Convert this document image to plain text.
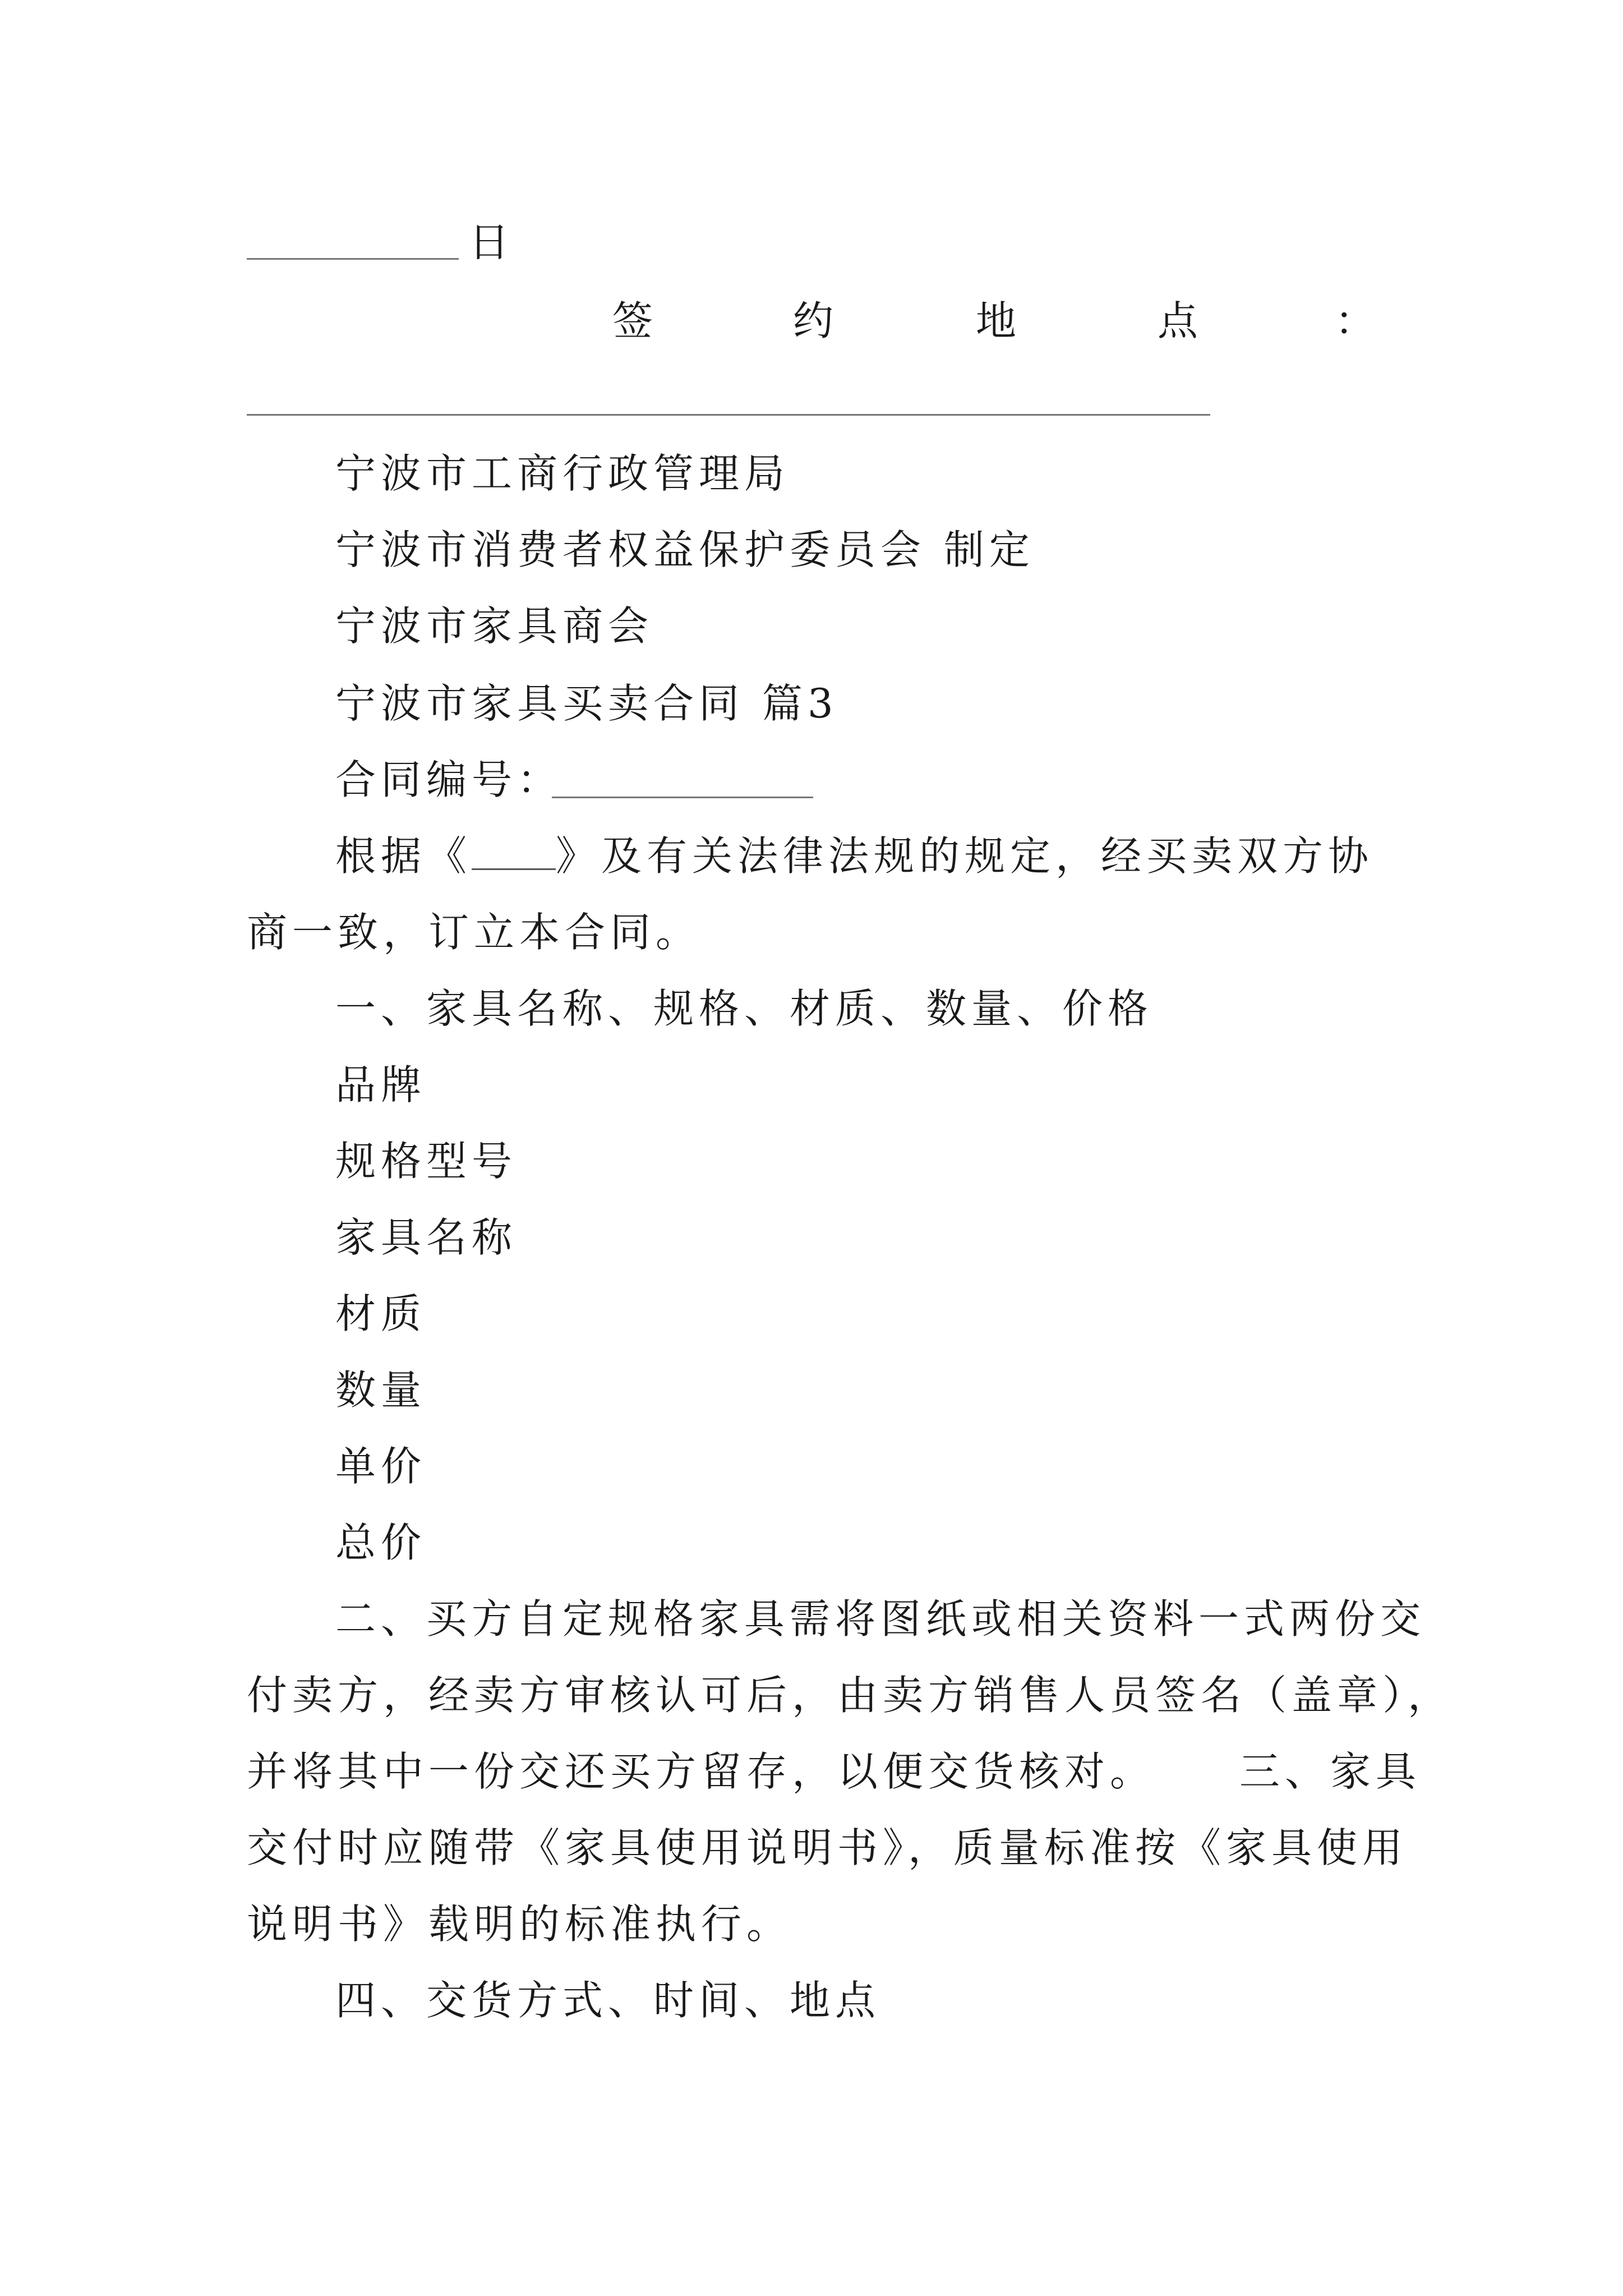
日
签	约	地	点	：
宁波市工商行政管理局
宁波市消费者权益保护委员会 制定
宁波市家具商会
宁波市家具买卖合同 篇3
合同编号：
根据《 》及有关法律法规的规定，经买卖双方协
商一致，订立本合同。
一、家具名称、规格、材质、数量、价格
品牌
规格型号
家具名称
材质
数量
单价
总价
二、买方自定规格家具需将图纸或相关资料一式两份交
付卖方，经卖方审核认可后，由卖方销售人员签名（盖章），
并将其中一份交还买方留存，以便交货核对。 三、家具
交付时应随带《家具使用说明书》，质量标准按《家具使用
说明书》载明的标准执行。
四、交货方式、时间、地点
